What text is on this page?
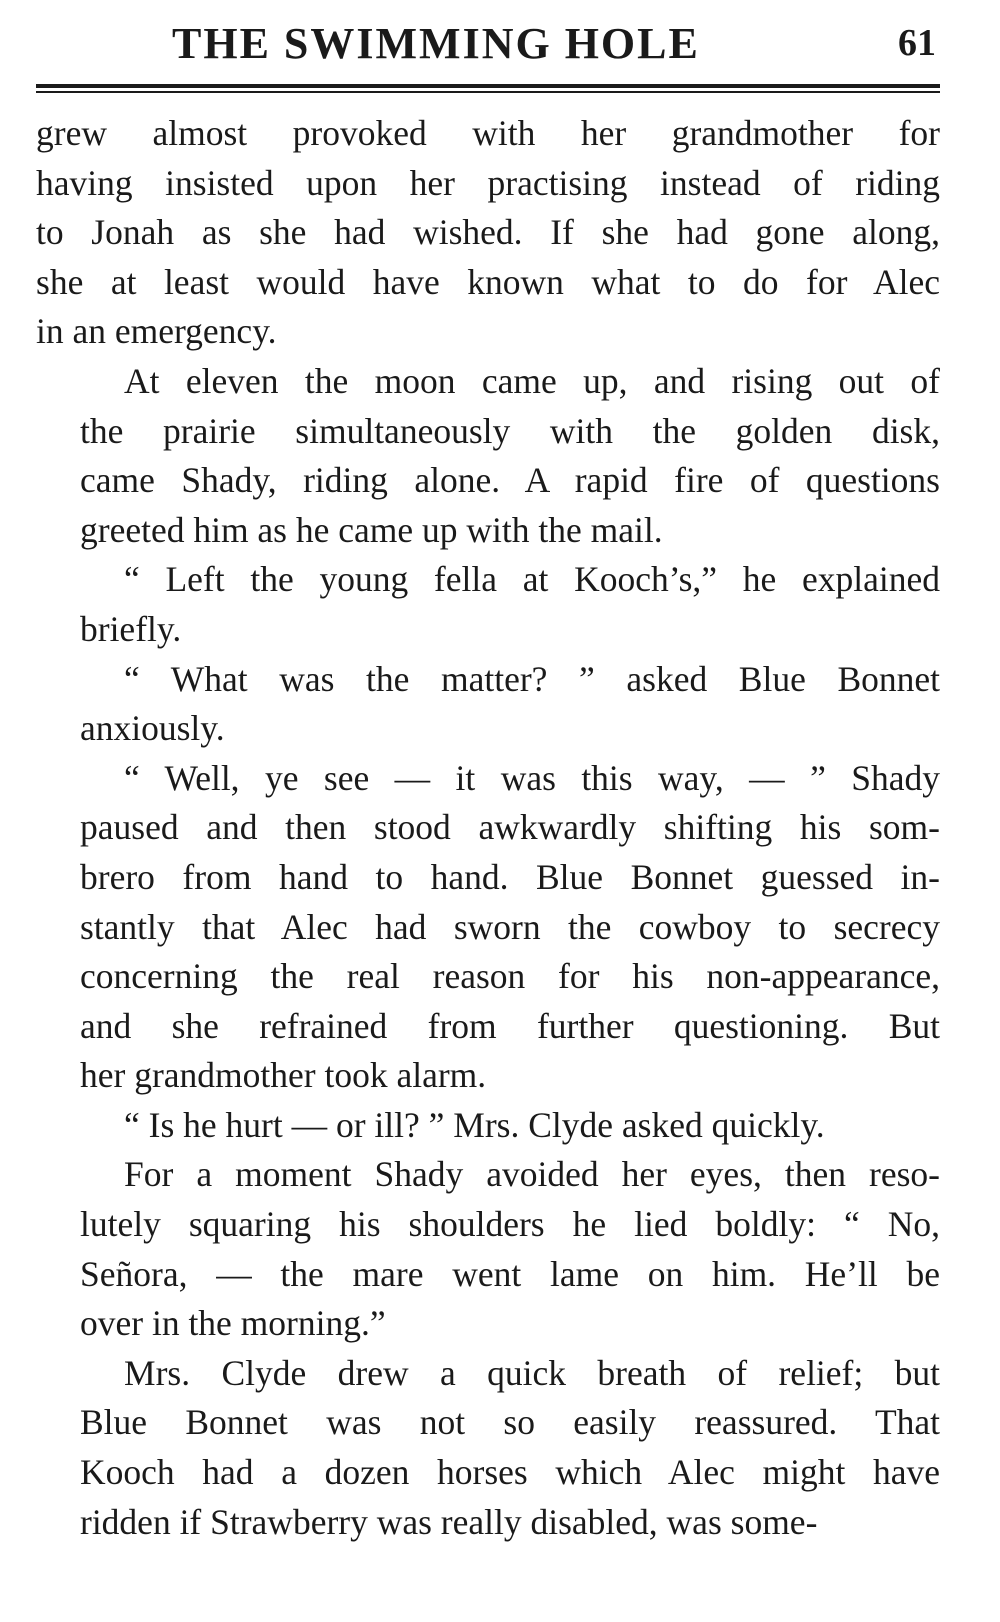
THE SWIMMING HOLE	61

grew almost provoked with her grandmother for
having insisted upon her practising instead of riding
to Jonah as she had wished. If she had gone along,
she at least would have known what to do for Alec
in an emergency.

At eleven the moon came up, and rising out of
the prairie simultaneously with the golden disk,
came Shady, riding alone. A rapid fire of questions
greeted him as he came up with the mail.

“ Left the young fella at Kooch’s,” he explained
briefly.

“ What was the matter? ” asked Blue Bonnet
anxiously.

“ Well, ye see — it was this way, — ” Shady
paused and then stood awkwardly shifting his som-
brero from hand to hand. Blue Bonnet guessed in-
stantly that Alec had sworn the cowboy to secrecy
concerning the real reason for his non-appearance,
and she refrained from further questioning. But
her grandmother took alarm.

“ Is he hurt — or ill? ” Mrs. Clyde asked quickly.

For a moment Shady avoided her eyes, then reso-
lutely squaring his shoulders he lied boldly: “ No,
Señora, — the mare went lame on him. He’ll be
over in the morning.”

Mrs. Clyde drew a quick breath of relief; but
Blue Bonnet was not so easily reassured. That
Kooch had a dozen horses which Alec might have
ridden if Strawberry was really disabled, was some-
